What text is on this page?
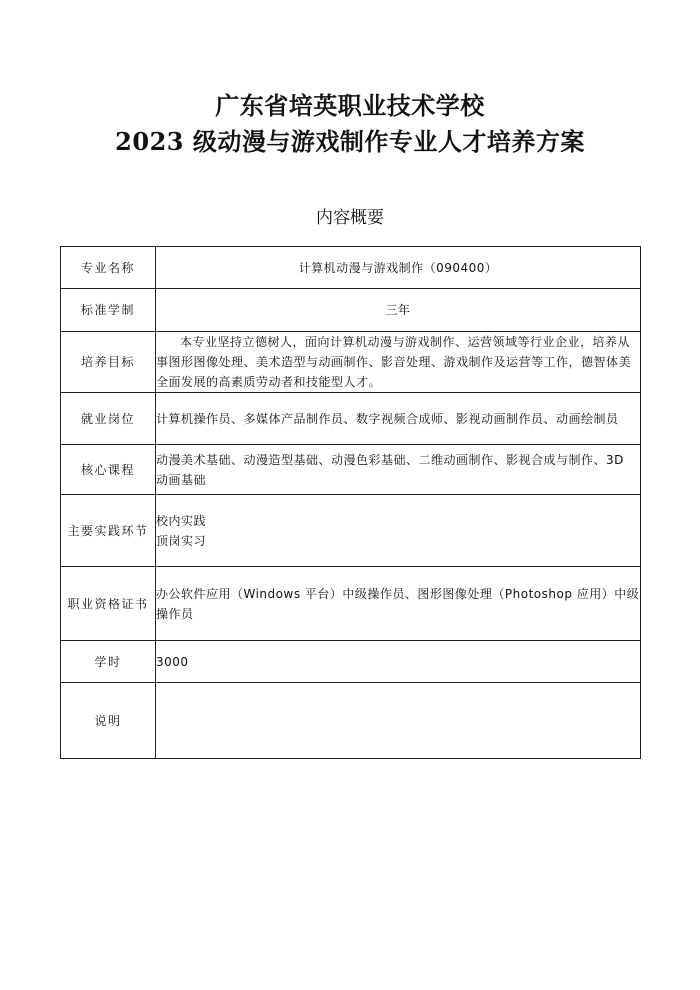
广东省培英职业技术学校
2023 级动漫与游戏制作专业人才培养方案
内容概要
专业名称	计算机动漫与游戏制作（090400）
标准学制	三年
培养目标	本专业坚持立德树人，面向计算机动漫与游戏制作、运营领域等行业企业，培养从事图形图像处理、美术造型与动画制作、影音处理、游戏制作及运营等工作，德智体美全面发展的高素质劳动者和技能型人才。
就业岗位	计算机操作员、多媒体产品制作员、数字视频合成师、影视动画制作员、动画绘制员
核心课程	动漫美术基础、动漫造型基础、动漫色彩基础、二维动画制作、影视合成与制作、3D 动画基础
主要实践环节	校内实践
顶岗实习

职业资格证书	办公软件应用（Windows 平台）中级操作员、图形图像处理（Photoshop 应用）中级操作员
学时	3000
说明	
